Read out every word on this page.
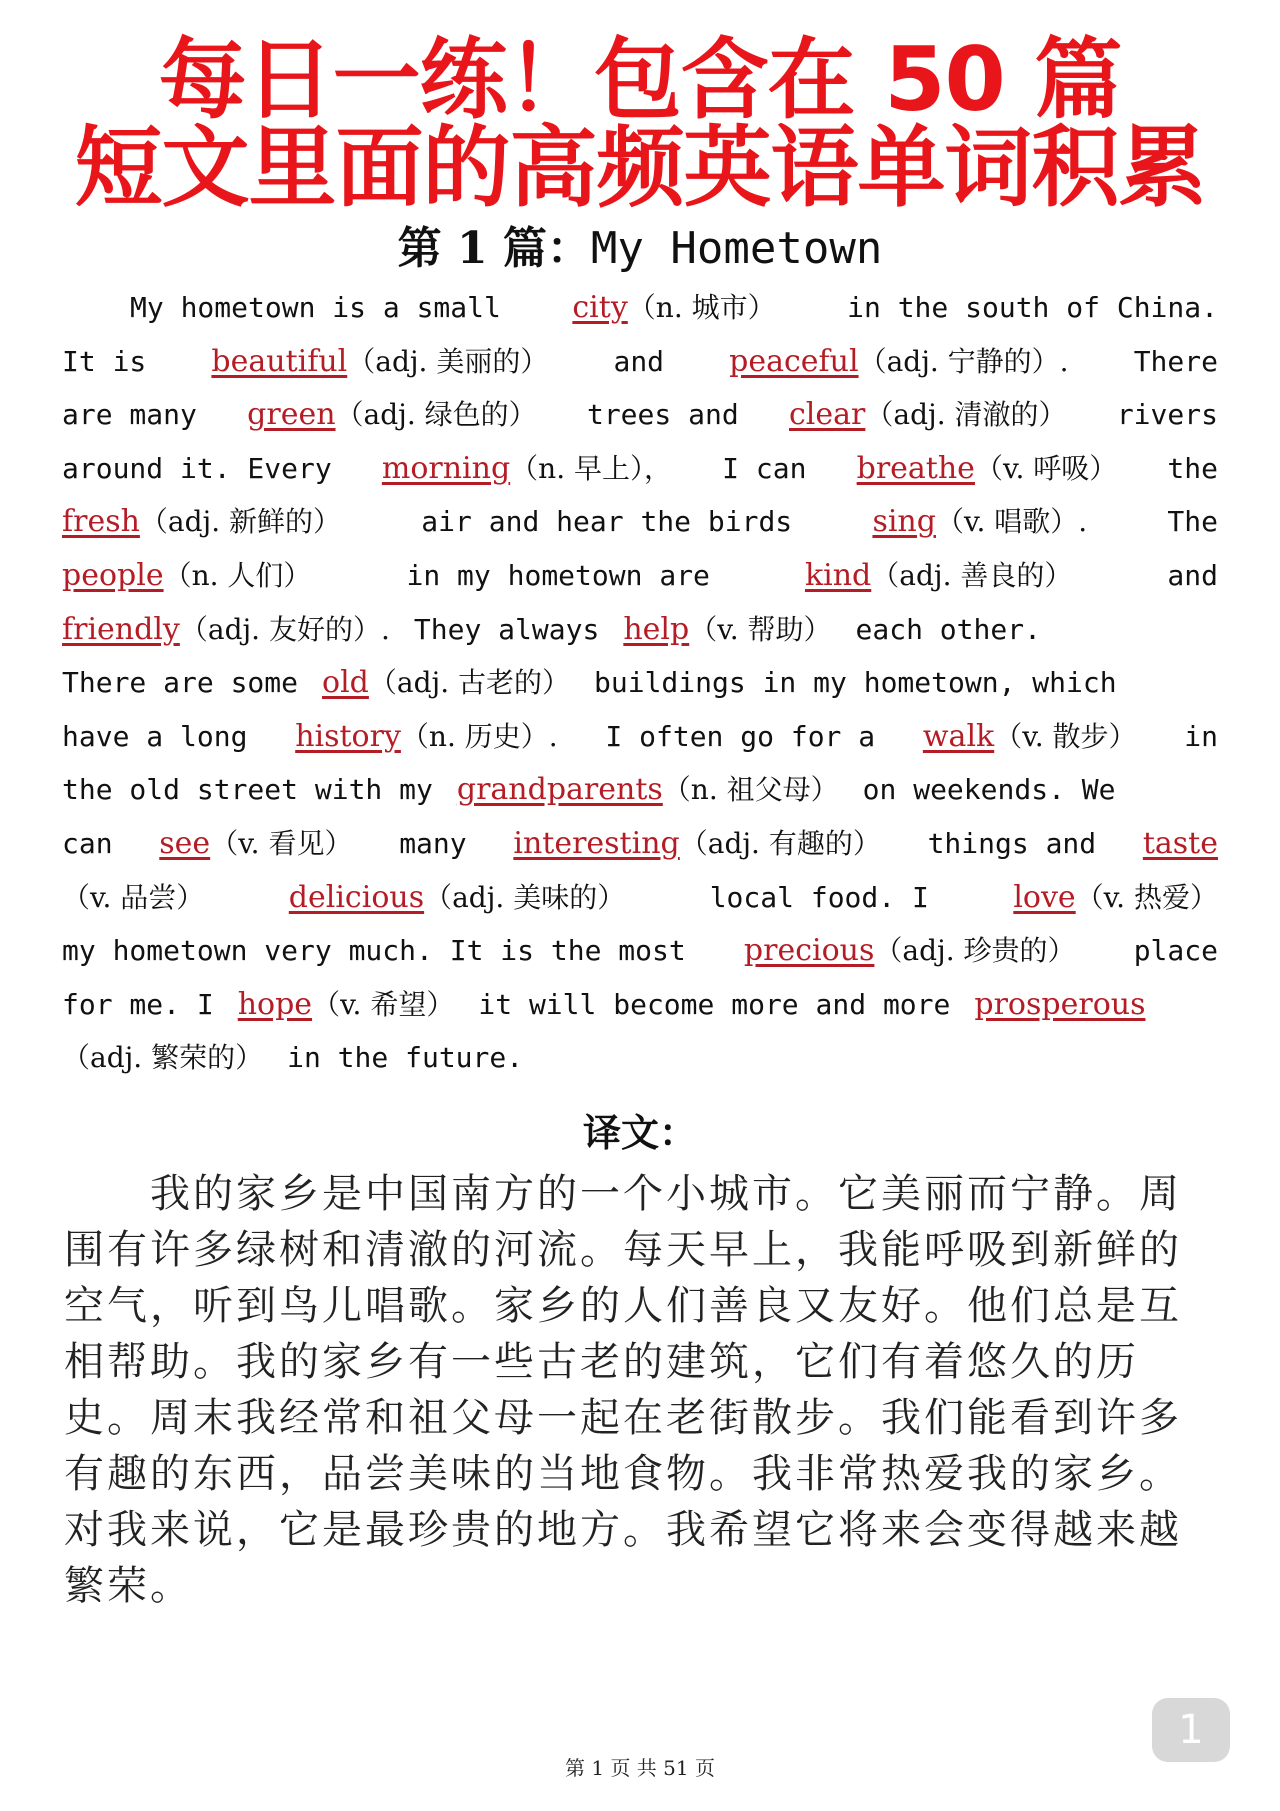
每日一练！包含在 50 篇
短文里面的高频英语单词积累
第 1 篇：My Hometown
My hometown is a small city（n. 城市）	in the south of China.
It is beautiful（adj. 美丽的） and peaceful（adj. 宁静的）. There
are many green（adj. 绿色的） trees and clear（adj. 清澈的） rivers
around it. Every morning（n. 早上）， I can breathe（v. 呼吸） the
fresh（adj. 新鲜的）	air and hear the birds	sing（v. 唱歌）.	The
people（n. 人们）	in my hometown are	kind（adj. 善良的）	and
friendly（adj. 友好的）. They always help（v. 帮助） each other.
There are some old（adj. 古老的） buildings in my hometown, which
have a long history（n. 历史）. I often go for a walk（v. 散步） in
the old street with my grandparents（n. 祖父母） on weekends. We
can see（v. 看见） many interesting（adj. 有趣的） things and taste
（v. 品尝）	delicious（adj. 美味的）	local food. I	love（v. 热爱）
my hometown very much. It is the most precious（adj. 珍贵的） place
for me. I hope（v. 希望） it will become more and more prosperous
（adj. 繁荣的） in the future.
译文：
我的家乡是中国南方的一个小城市。它美丽而宁静。周
围有许多绿树和清澈的河流。每天早上，我能呼吸到新鲜的
空气，听到鸟儿唱歌。家乡的人们善良又友好。他们总是互
相帮助。我的家乡有一些古老的建筑，它们有着悠久的历
史。周末我经常和祖父母一起在老街散步。我们能看到许多
有趣的东西，品尝美味的当地食物。我非常热爱我的家乡。
对我来说，它是最珍贵的地方。我希望它将来会变得越来越
繁荣。
1
第 1 页 共 51 页
